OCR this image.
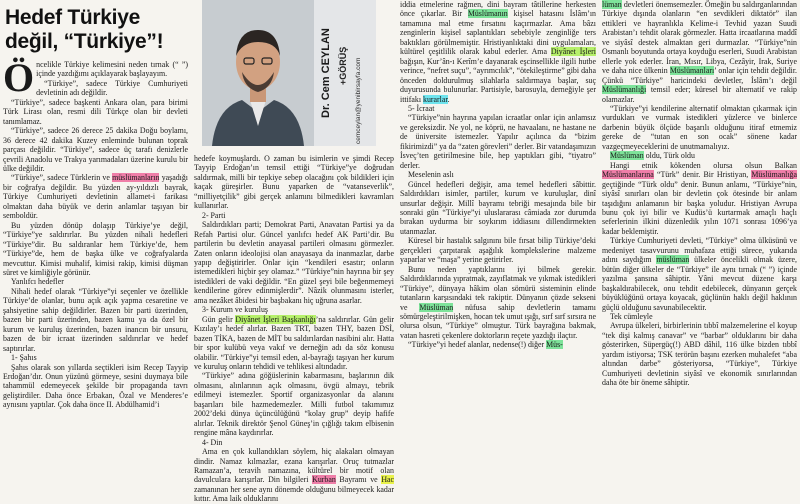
Hedef Türkiye değil, “Türkiye”!

Öncelikle Türkiye kelimesini neden tırnak (“ ”) içinde yazdığımı açıklayarak başlayayım.

“Türkiye”, sadece Türkiye Cumhuriyeti devletinin adı değildir.

“Türkiye”, sadece başkenti Ankara olan, para birimi Türk Lirası olan, resmi dili Türkçe olan bir devleti tanımlamaz.

“Türkiye”, sadece 26 derece 25 dakika Doğu boylamı, 36 derece 42 dakika Kuzey enleminde bulunan toprak parçası değildir. “Türkiye”, sadece üç tarafı denizlerle çevrili Anadolu ve Trakya yarımadaları üzerine kurulu bir ülke değildir.

“Türkiye”, sadece Türklerin ve müslümanların yaşadığı bir coğrafya değildir. Bu yüzden ay-yıldızlı bayrak, Türkiye Cumhuriyeti devletinin allamet-i farikası olmaktan daha büyük ve derin anlamlar taşıyan bir semboldür.

Bu yüzden dönüp dolaşıp Türkiye’ye değil, “Türkiye”ye saldırırlar. Bu yüzden nihali hedefleri “Türkiye”dir. Bu saldıranlar hem Türkiye’de, hem “Türkiye”de, hem de başka ülke ve coğrafyalarda mevcuttur. Kimisi muhalif, kimisi rakip, kimisi düşman süret ve kimliğiyle görünür.

Yanlıfcı hedefler

Nihali hedef olarak “Türkiye”yi seçenler ve özellikle Türkiye’de olanlar, bunu açık açık yapma cesaretine ve şahsiyetine sahip değildirler. Bazen bir parti üzerinden, bazen bir parti üzerinden, bazen kamu ya da özel bir kurum ve kuruluş üzerinden, bazen inancın bir unsuru, bazen de bir icraat üzerinden saldırırlar ve hedef saptırırlar.

1- Şahıs

Şahıs olarak son yıllarda seçtikleri isim Recep Tayyip Erdoğan’dır. Onun yüzünü görmeye, sesini duymaya bile tahammül edemeyecek şekilde bir propaganda tavrı geliştirdiler. Daha önce Erbakan, Özal ve Menderes’e aynısını yaptılar. Çok daha önce II. Abdülhamid’i

Dr. Cem CEYLAN +GÖRÜŞ cemceylan@yenibirsayfa.com

hedefe koymuşlardı. O zaman bu isimlerin ve şimdi Recep Tayyip Erdoğan’ın temsil ettiği “Türkiye”ye doğrudan saldırmak, milli bir tepkiye sebep olacağını çok bildikleri için kaçak güreşirler. Bunu yaparken de “vatanseverlik”, “milliyetçilik” gibi gerçek anlamını bilmedikleri kavramları kullanırlar.

2- Parti

Saldırdıkları parti; Demokrat Parti, Anavatan Partisi ya da Refah Partisi olur. Güncel yanlıfcı hedef AK Parti’dir. Bu partilerin bu devletin anayasal partileri olmasını görmezler. Zaten onların ideolojisi olan anayasaya da inanmazlar, darbe yapıp değiştirirler. Onlar için “kendileri esastır; onların istemedikleri hiçbir şey olamaz.” “Türkiye”nin hayrına bir şey istedikleri de vaki değildir. “En güzel şeyi bile beğenmemeyi kendilerine görev edinmişlerdir”. Nâzik olunmasını isterler, ama nezâket âbidesi bir başbakanı hiç uğruna asarlar.

3- Kurum ve kuruluş

Gün gelir Diyânet İşleri Başkanlığı’na saldırırlar. Gün gelir Kızılay’ı hedef alırlar. Bazen TRT, bazen THY, bazen DSİ, bazen TİKA, bazen de MİT bu saldırılardan nasibini alır. Hatta bir spor kulübü veya vakıf ve derneğin adı da söz konusu olabilir. “Türkiye”yi temsil eden, al-bayrağı taşıyan her kurum ve kuruluş onların tehdidi ve tehlikesi altındadır.

“Türkiye” adına göğüslerinin kabarmasını, başlarının dik olmasını, alınlarının açık olmasını, övgü almayı, tebrik edilmeyi istemezler. Sportif organizasyonlar da alanını başarıları bile hazmedemezler. Milli futbol takımımız 2002’deki dünya üçüncülüğünü “kolay grup” deyip hafife alırlar. Teknik direktör Şenol Güneş’in çığlığı takım elbisenin rengine mâna kaydırırlar.

4- Din

Ama en çok kullandıkları söylem, hiç alakaları olmayan dindir. Namaz kılmazlar, ezana karışırlar. Oruç tutmazlar Ramazan’a, teravih namazına, kültürel bir motif olan davulculara karışırlar. Din bilgileri Kurban Bayramı ve Hac zamanınan her sene aynı dönemde olduğunu bilmeyecek kadar kıttır. Ama laik olduklarını

iddia etmelerine rağmen, dini bayram tâtillerine herkesten önce çıkarlar. Bir Müslümanın kişisel hatasını İslâm’ın tamamına mal etme fırsatını kaçırmazlar. Ama bâzı zenginlerin kişisel saplantıkları sebebiyle zenginliğe ters baktıkları görülmemiştir. Hristiyanlıktaki dini uygulamaları, kültürel çeşitlilik olarak kabul ederler. Ama Diyânet İşleri bağışın, Kur’ân-ı Kerîm’e dayanarak eşcinsellikle ilgili hutbe verince, “nefret suçu”, “ayrımcılık”, “ötekileştirme” gibi daha önceden doldurulmuş silahlarla saldırmaya başlar, suç duyurusunda bulunurlar. Partisiyle, barosuyla, derneğiyle şer ittifakı kurarlar.

5- İcraat

“Türkiye”nin hayrına yapılan icraatlar onlar için anlamsız ve gereksizdir. Ne yol, ne köprü, ne havaalanı, ne hastane ne de üniversite istemezler. Yapılır açılınca da “bizim fikirimizdi” ya da “zaten görevleri” derler. Bir vatandaşımızın İsveç’ten getirilmesine bile, hep yaptıkları gibi, “tiyatro” derler.

Meselenin aslı

Güncel hedefleri değişir, ama temel hedefleri sâbittir. Saldırdıkları isimler, partiler, kurum ve kuruluşlar, dinî unsurlar değişir. Millî bayramı tebriği mesajında bile bir sonraki gün “Türkiye”yi uluslararası câmiada zor durumda bırakan uydurma bir soykırım iddiasını dillendirmekten utanmazlar.

Küresel bir hastalık salgınını bile fırsat bilip Türkiye’deki gerçekleri çarpıtarak aşağılık komplekslerine malzeme yaparlar ve “maşa” yerine getirirler.

Bunu neden yaptıklarını iyi bilmek gerekir. Saldırdıklarında yıpratmak, zayıflatmak ve yıkmak istedikleri “Türkiye”, dünyaya hâkim olan sömürü sisteminin elinde tutanların karşısındaki tek rakiptir. Dünyanın çözde sekseni ve Müslüman nüfusa sahip devletlerin tamamı sömürgeleştirilmişken, hocan tek umut ışığı, sırf sırf sırsıra ne olursa olsun, “Türkiye” olmuştur. Türk bayrağına bakmak, vatan hasreti çekenlere doktorların reçete yazdığı ilaçtır.

“Türkiye”yi hedef alanlar, nedense(!) diğer Müs-

lüman devletleri önemsemezler. Ömeğin bu saldırganlarından Türkiye dışında olanların “en sevdikleri diktatör” ilan ettikleri ve hayranlıkla Kelime-i Tevhid yazan Suudi Arabistan’ı tehdit olarak görmezler. Hatta ircaatlarına maddî ve siyâsî destek almaktan geri durmazlar. “Türkiye”nin Osmanlı boyutunda ortaya koyduğu eserleri, Suudi Arabistan ellerle yok ederler. İran, Mısır, Libya, Cezâyir, Irak, Suriye ve daha nice ülkenin Müslümanları’ onlar için tehdit değildir. Çünkü “Türkiye” haricindeki devletler, İslâm’ı değil Müslümanlığı temsil eder; küresel bir alternatif ve rakip olamazlar.

“Türkiye”yi kendilerine alternatif olmaktan çıkarmak için vurdukları ve vurmak istedikleri yüzlerce ve binlerce darbenin büyük ölçüde başarılı olduğunu itiraf etmemiz gereke de “tutan en son ocak” sönene kadar vazgeçmeyeceklerini de unutmamalıyız.

Müslüman oldu, Türk oldu

Hangi etnik kökenden olursa olsun Balkan Müslümanlarına “Türk” denir. Bir Hristiyan, Müslümanlığa geçtiğinde “Türk oldu” denir. Bunun anlamı, “Türkiye”nin, siyâsî sınırları olan bir devletin çok ötesinde bir anlam taşıdığını anlamanın bir başka yoludur. Hristiyan Avrupa bunu çok iyi bilir ve Kudüs’ü kurtarmak amaçlı haçlı seferlerinin ilkini düzenledik yılın 1071 sonrası 1096’ya kadar beklemiştir.

Türkiye Cumhuriyeti devleti, “Türkiye” olma ülküsünü ve medeniyet tasavvurunu muhafaza ettiği sürece, yukarıda adını saydığım müslüman ülkeler öncelikli olmak üzere, bütün diğer ülkeler de “Türkiye” ile aynı tırnak (“ ”) içinde yazılma şansına sâhiptir. Yâni mevcut düzene karşı başkaldırabilecek, onu tehdit edebilecek, dünyanın gerçek büyüklüğünü ortaya koyacak, güçlünün haklı değil haklının güçlü olduğunu savunabilecektir.

Tek cümleyle

Avrupa ülkeleri, birbirlerinin tıbbî malzemelerine el koyup “tek dişi kalmış canavar” ve “barbar” olduklarını bir daha gösterirken, Süpergüç(!) ABD dâhil, 116 ülke bizden tıbbî yardım istiyorsa; TSK terörün başını ezerken muhalefet “aba altından darbe” gösteriyorsa, “Türkiye”, Türkiye Cumhuriyeti devletinin siyâsî ve ekonomik sınırlarından daha öte bir öneme sâhiptir.
